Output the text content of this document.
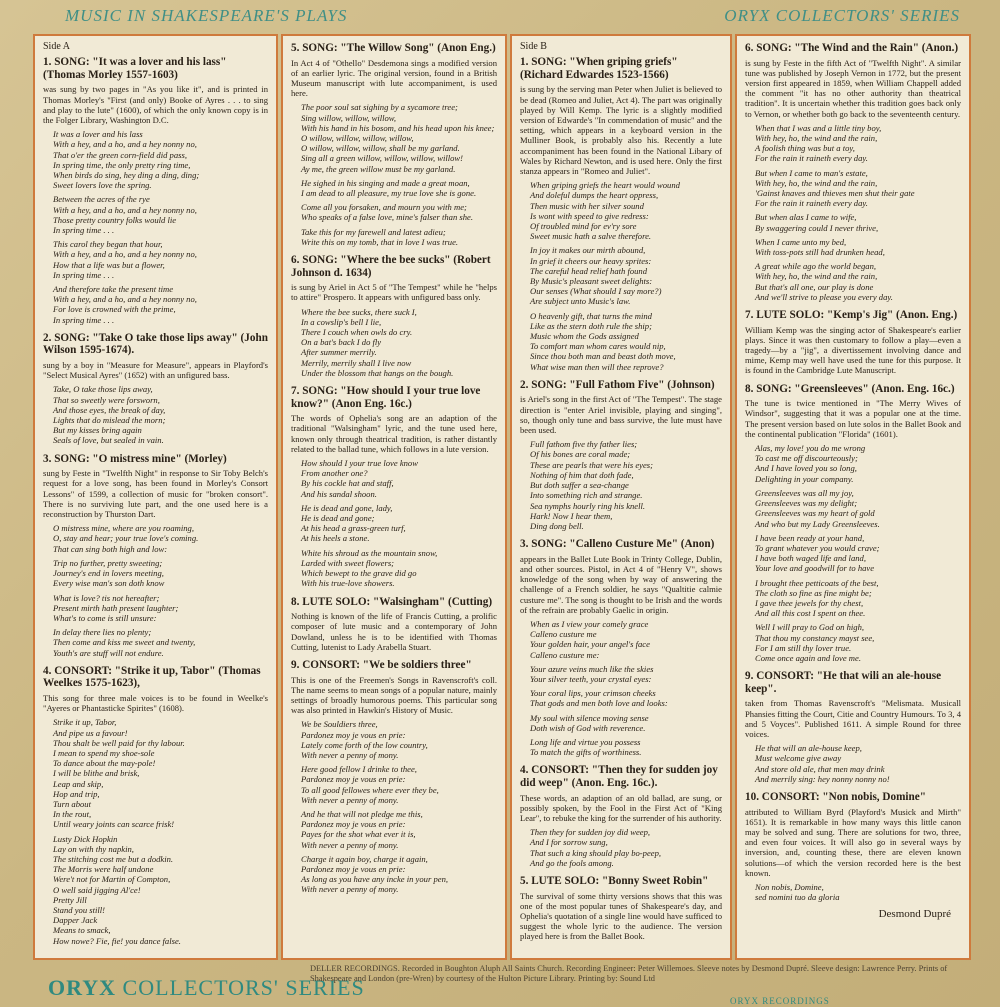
MUSIC IN SHAKESPEARE'S PLAYS	ORYX COLLECTORS' SERIES
Side A
1. SONG: "It was a lover and his lass" (Thomas Morley 1557-1603)

was sung by two pages in "As you like it", and is printed in Thomas Morley's "First (and only) Booke of Ayres . . . to sing and play to the lute" (1600), of which the only known copy is in the Folger Library, Washington D.C.

It was a lover and his lass
With a hey, and a ho, and a hey nonny no,
That o'er the green corn-field did pass,
In spring time, the only pretty ring time,
When birds do sing, hey ding a ding, ding;
Sweet lovers love the spring.
Between the acres of the rye
With a hey, and a ho, and a hey nonny no,
Those pretty country folks would lie
In spring time . . .
This carol they began that hour,
With a hey, and a ho, and a hey nonny no,
How that a life was but a flower,
In spring time . . .
And therefore take the present time
With a hey, and a ho, and a hey nonny no,
For love is crowned with the prime,
In spring time . . .
2. SONG: "Take O take those lips away" (John Wilson 1595-1674).

sung by a boy in "Measure for Measure", appears in Playford's "Select Musical Ayres" (1652) with an unfigured bass.

Take, O take those lips away,
That so sweetly were forsworn,
And those eyes, the break of day,
Lights that do mislead the morn;
But my kisses bring again
Seals of love, but sealed in vain.
3. SONG: "O mistress mine" (Morley)

sung by Feste in "Twelfth Night" in response to Sir Toby Belch's request for a love song, has been found in Morley's Consort Lessons" of 1599, a collection of music for "broken consort". There is no surviving lute part, and the one used here is a reconstruction by Thurston Dart.

O mistress mine, where are you roaming,
O, stay and hear; your true love's coming.
That can sing both high and low:
Trip no further, pretty sweeting;
Journey's end in lovers meeting,
Every wise man's son doth know
What is love? tis not hereafter;
Present mirth hath present laughter;
What's to come is still unsure:
In delay there lies no plenty;
Then come and kiss me sweet and twenty,
Youth's are stuff will not endure.
4. CONSORT: "Strike it up, Tabor" (Thomas Weelkes 1575-1623),

This song for three male voices is to be found in Weelke's "Ayeres or Phantasticke Spirites" (1608).

Strike it up, Tabor,
And pipe us a favour!
Thou shalt be well paid for thy labour.
I mean to spend my shoe-sole
To dance about the may-pole!
I will be blithe and brisk,
Leap and skip,
Hop and trip,
Turn about
In the rout,
Until weary joints can scarce frisk!
Lusty Dick Hopkin
Lay on with thy napkin,
The stitching cost me but a dodkin.
The Morris were half undone
Were't not for Martin of Compton,
O well said jigging Al'ce!
Pretty Jill
Stand you still!
Dapper Jack
Means to smack,
How nowe? Fie, fie! you dance false.
5. SONG: "The Willow Song" (Anon Eng.)

In Act 4 of "Othello" Desdemona sings a modified version of an earlier lyric. The original version, found in a British Museum manuscript with lute accompaniment, is used here.

The poor soul sat sighing by a sycamore tree;
Sing willow, willow, willow,
With his hand in his bosom, and his head upon his knee;
O willow, willow, willow, willow,
O willow, willow, willow, shall be my garland.
Sing all a green willow, willow, willow, willow!
Ay me, the green willow must be my garland.
He sighed in his singing and made a great moan,
I am dead to all pleasure, my true love she is gone.
Come all you forsaken, and mourn you with me;
Who speaks of a false love, mine's falser than she.
Take this for my farewell and latest adieu;
Write this on my tomb, that in love I was true.
6. SONG: "Where the bee sucks" (Robert Johnson d. 1634)

is sung by Ariel in Act 5 of "The Tempest" while he "helps to attire" Prospero. It appears with unfigured bass only.

Where the bee sucks, there suck I,
In a cowslip's bell I lie,
There I couch when owls do cry.
On a bat's back I do fly
After summer merrily.
Merrily, merrily shall I live now
Under the blossom that hangs on the bough.
7. SONG: "How should I your true love know?" (Anon Eng. 16c.)

The words of Ophelia's song are an adaption of the traditional "Walsingham" lyric, and the tune used here, known only through theatrical tradition, is rather distantly related to the ballad tune, which follows in a lute version.

How should I your true love know
From another one?
By his cockle hat and staff,
And his sandal shoon.
He is dead and gone, lady,
He is dead and gone;
At his head a grass-green turf,
At his heels a stone.
White his shroud as the mountain snow,
Larded with sweet flowers;
Which bewept to the grave did go
With his true-love showers.
8. LUTE SOLO: "Walsingham" (Cutting)

Nothing is known of the life of Francis Cutting, a prolific composer of lute music and a contemporary of John Dowland, unless he is to be identified with Thomas Cutting, lutenist to Lady Arabella Stuart.

9. CONSORT: "We be soldiers three"

This is one of the Freemen's Songs in Ravenscroft's coll. The name seems to mean songs of a popular nature, mainly settings of broadly humorous poems. This particular song was also printed in Hawkin's History of Music.

We be Souldiers three,
Pardonez moy je vous en prie:
Lately come forth of the low country,
With never a penny of mony.
Here good fellow I drinke to thee,
Pardonez moy je vous en prie:
To all good fellowes where ever they be,
With never a penny of mony.
And he that will not pledge me this,
Pardonez moy je vous en prie:
Payes for the shot what ever it is,
With never a penny of mony.
Charge it again boy, charge it again,
Pardonez moy je vous en prie:
As long as you have any incke in your pen,
With never a penny of mony.
Side B
1. SONG: "When griping griefs" (Richard Edwardes 1523-1566)

is sung by the serving man Peter when Juliet is believed to be dead (Romeo and Juliet, Act 4). The part was originally played by Will Kemp. The lyric is a slightly modified version of Edwarde's "In commendation of music" and the setting, which appears in a keyboard version in the Mulliner Book, is probably also his. Recently a lute accompaniment has been found in the National Libary of Wales by Richard Newton, and is used here. Only the first stanza appears in "Romeo and Juliet".

When griping griefs the heart would wound
And doleful dumps the heart oppress,
Then music with her silver sound
Is wont with speed to give redress:
Of troubled mind for ev'ry sore
Sweet music hath a salve therefore.
In joy it makes our mirth abound,
In grief it cheers our heavy sprites:
The careful head relief hath found
By Music's pleasant sweet delights:
Our senses (What should I say more?)
Are subject unto Music's law.
O heavenly gift, that turns the mind
Like as the stern doth rule the ship;
Music whom the Gods assigned
To comfort man whom cares would nip,
Since thou both man and beast doth move,
What wise man then will thee reprove?
2. SONG: "Full Fathom Five" (Johnson)

is Ariel's song in the first Act of "The Tempest". The stage direction is "enter Ariel invisible, playing and singing", so, though only tune and bass survive, the lute must have been used.

Full fathom five thy father lies;
Of his bones are coral made;
These are pearls that were his eyes;
Nothing of him that doth fade,
But doth suffer a sea-change
Into something rich and strange.
Sea nymphs hourly ring his knell.
Hark! Now I hear them,
Ding dong bell.
3. SONG: "Calleno Custure Me" (Anon)

appears in the Ballet Lute Book in Trinty College, Dublin, and other sources. Pistol, in Act 4 of "Henry V", shows knowledge of the song when by way of answering the challenge of a French soldier, he says "Qualtitie calmie custure me". The song is thought to be Irish and the words of the refrain are probably Gaelic in origin.

When as I view your comely grace
Calleno custure me
Your golden hair, your angel's face
Calleno custure me:
Your azure veins much like the skies
Your silver teeth, your crystal eyes:
Your coral lips, your crimson cheeks
That gods and men both love and looks:
My soul with silence moving sense
Doth wish of God with reverence.
Long life and virtue you possess
To match the gifts of worthiness.
4. CONSORT: "Then they for sudden joy did weep" (Anon. Eng. 16c.).

These words, an adaption of an old ballad, are sung, or possibly spoken, by the Fool in the First Act of "King Lear", to rebuke the king for the surrender of his authority.

Then they for sudden joy did weep,
And I for sorrow sung,
That such a king should play bo-peep,
And go the fools among.
5. LUTE SOLO: "Bonny Sweet Robin"

The survival of some thirty versions shows that this was one of the most popular tunes of Shakespeare's day, and Ophelia's quotation of a single line would have sufficed to suggest the whole lyric to the audience. The version played here is from the Ballet Book.

6. SONG: "The Wind and the Rain" (Anon.)

is sung by Feste in the fifth Act of "Twelfth Night". A similar tune was published by Joseph Vernon in 1772, but the present version first appeared in 1859, when William Chappell added the comment "it has no other authority than theatrical tradition". It is uncertain whether this tradition goes back only to Vernon, or whether both go back to the seventeenth century.

When that I was and a little tiny boy,
With hey, ho, the wind and the rain,
A foolish thing was but a toy,
For the rain it raineth every day.
But when I came to man's estate,
With hey, ho, the wind and the rain,
'Gainst knaves and thieves men shut their gate
For the rain it raineth every day.
But when alas I came to wife,
By swaggering could I never thrive,
When I came unto my bed,
With toss-pots still had drunken head,
A great while ago the world began,
With hey, ho, the wind and the rain,
But that's all one, our play is done
And we'll strive to please you every day.
7. LUTE SOLO: "Kemp's Jig" (Anon. Eng.)

William Kemp was the singing actor of Shakespeare's earlier plays. Since it was then customary to follow a play—even a tragedy—by a "jig", a divertissement involving dance and mime, Kemp may well have used the tune for this purpose. It is found in the Cambridge Lute Manuscript.

8. SONG: "Greensleeves" (Anon. Eng. 16c.)

The tune is twice mentioned in "The Merry Wives of Windsor", suggesting that it was a popular one at the time. The present version based on lute solos in the Ballet Book and the continental publication "Florida" (1601).

Alas, my love! you do me wrong
To cast me off discourteously;
And I have loved you so long,
Delighting in your company.
Greensleeves was all my joy,
Greensleeves was my delight;
Greensleeves was my heart of gold
And who but my Lady Greensleeves.
I have been ready at your hand,
To grant whatever you would crave;
I have both waged life and land,
Your love and goodwill for to have
I brought thee petticoats of the best,
The cloth so fine as fine might be;
I gave thee jewels for thy chest,
And all this cost I spent on thee.
Well I will pray to God on high,
That thou my constancy mayst see,
For I am still thy lover true.
Come once again and love me.
9. CONSORT: "He that wili an ale-house keep".

taken from Thomas Ravenscroft's "Melismata. Musicall Phansies fitting the Court, Citie and Country Humours. To 3, 4 and 5 Voyces". Published 1611. A simple Round for three voices.

He that will an ale-house keep,
Must welcome give away
And store old ale, that men may drink
And merrily sing: hey nonny nonny no!
10. CONSORT: "Non nobis, Domine"

attributed to William Byrd (Playford's Musick and Mirth" 1651). It is remarkable in how many ways this little canon may be solved and sung. There are solutions for two, three, and even four voices. It will also go in several ways by inversion, and, counting these, there are eleven known solutions—of which the version recorded here is the best known.

Non nobis, Domine,
sed nomini tuo da gloria
Desmond Dupré
ORYX COLLECTORS' SERIES
DELLER RECORDINGS. Recorded in Boughton Aluph All Saints Church. Recording Engineer: Peter Willemoes. Sleeve notes by Desmond Dupré. Sleeve design: Lawrence Perry. Prints of Shakespeare and London (pre-Wren) by courtesy of the Hulton Picture Library. Printing by: Sound Ltd
ORYX RECORDINGS
